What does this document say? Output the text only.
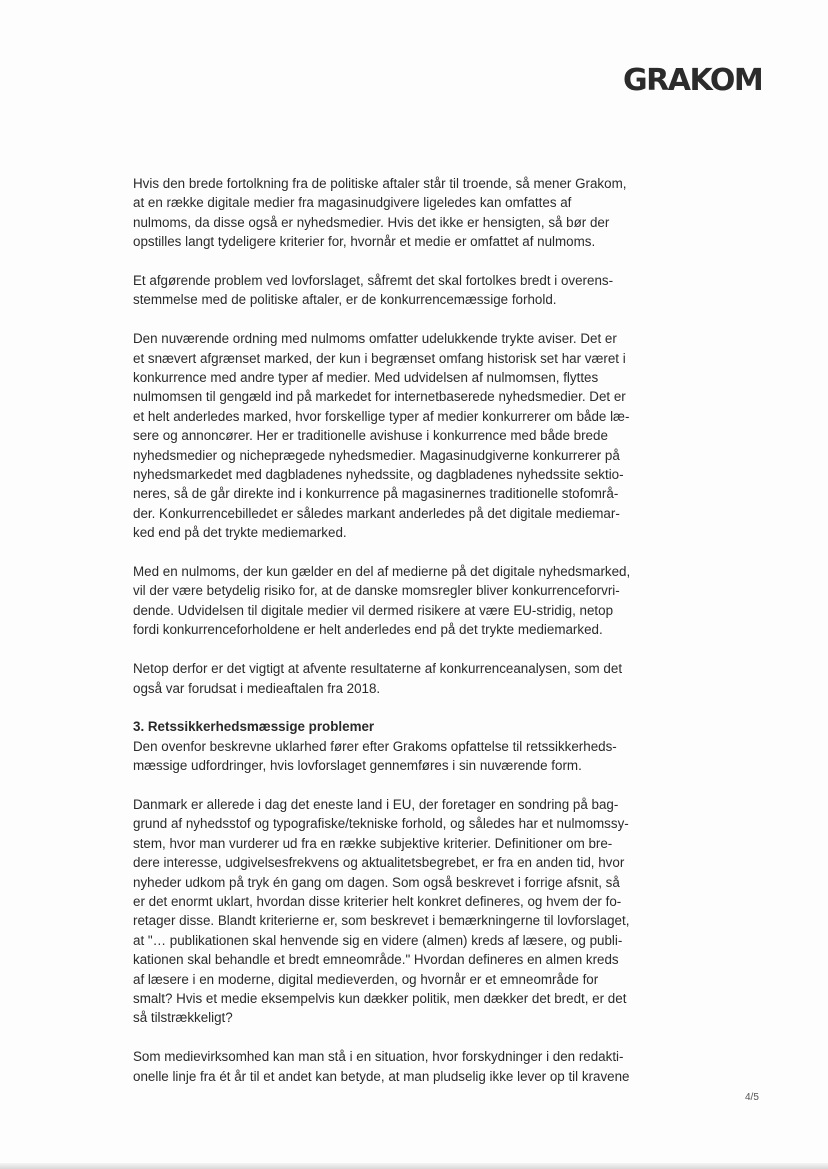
GRAKOM

Hvis den brede fortolkning fra de politiske aftaler står til troende, så mener Grakom,
at en række digitale medier fra magasinudgivere ligeledes kan omfattes af
nulmoms, da disse også er nyhedsmedier. Hvis det ikke er hensigten, så bør der
opstilles langt tydeligere kriterier for, hvornår et medie er omfattet af nulmoms.

Et afgørende problem ved lovforslaget, såfremt det skal fortolkes bredt i overens-
stemmelse med de politiske aftaler, er de konkurrencemæssige forhold.

Den nuværende ordning med nulmoms omfatter udelukkende trykte aviser. Det er
et snævert afgrænset marked, der kun i begrænset omfang historisk set har været i
konkurrence med andre typer af medier. Med udvidelsen af nulmomsen, flyttes
nulmomsen til gengæld ind på markedet for internetbaserede nyhedsmedier. Det er
et helt anderledes marked, hvor forskellige typer af medier konkurrerer om både læ-
sere og annoncører. Her er traditionelle avishuse i konkurrence med både brede
nyhedsmedier og nicheprægede nyhedsmedier. Magasinudgiverne konkurrerer på
nyhedsmarkedet med dagbladenes nyhedssite, og dagbladenes nyhedssite sektio-
neres, så de går direkte ind i konkurrence på magasinernes traditionelle stofområ-
der. Konkurrencebilledet er således markant anderledes på det digitale mediemar-
ked end på det trykte mediemarked.

Med en nulmoms, der kun gælder en del af medierne på det digitale nyhedsmarked,
vil der være betydelig risiko for, at de danske momsregler bliver konkurrenceforvri-
dende. Udvidelsen til digitale medier vil dermed risikere at være EU-stridig, netop
fordi konkurrenceforholdene er helt anderledes end på det trykte mediemarked.

Netop derfor er det vigtigt at afvente resultaterne af konkurrenceanalysen, som det
også var forudsat i medieaftalen fra 2018.

3. Retssikkerhedsmæssige problemer

Den ovenfor beskrevne uklarhed fører efter Grakoms opfattelse til retssikkerheds-
mæssige udfordringer, hvis lovforslaget gennemføres i sin nuværende form.

Danmark er allerede i dag det eneste land i EU, der foretager en sondring på bag-
grund af nyhedsstof og typografiske/tekniske forhold, og således har et nulmomssy-
stem, hvor man vurderer ud fra en række subjektive kriterier. Definitioner om bre-
dere interesse, udgivelsesfrekvens og aktualitetsbegrebet, er fra en anden tid, hvor
nyheder udkom på tryk én gang om dagen. Som også beskrevet i forrige afsnit, så
er det enormt uklart, hvordan disse kriterier helt konkret defineres, og hvem der fo-
retager disse. Blandt kriterierne er, som beskrevet i bemærkningerne til lovforslaget,
at "… publikationen skal henvende sig en videre (almen) kreds af læsere, og publi-
kationen skal behandle et bredt emneområde." Hvordan defineres en almen kreds
af læsere i en moderne, digital medieverden, og hvornår er et emneområde for
smalt? Hvis et medie eksempelvis kun dækker politik, men dækker det bredt, er det
så tilstrækkeligt?

Som medievirksomhed kan man stå i en situation, hvor forskydninger i den redakti-
onelle linje fra ét år til et andet kan betyde, at man pludselig ikke lever op til kravene

4/5
